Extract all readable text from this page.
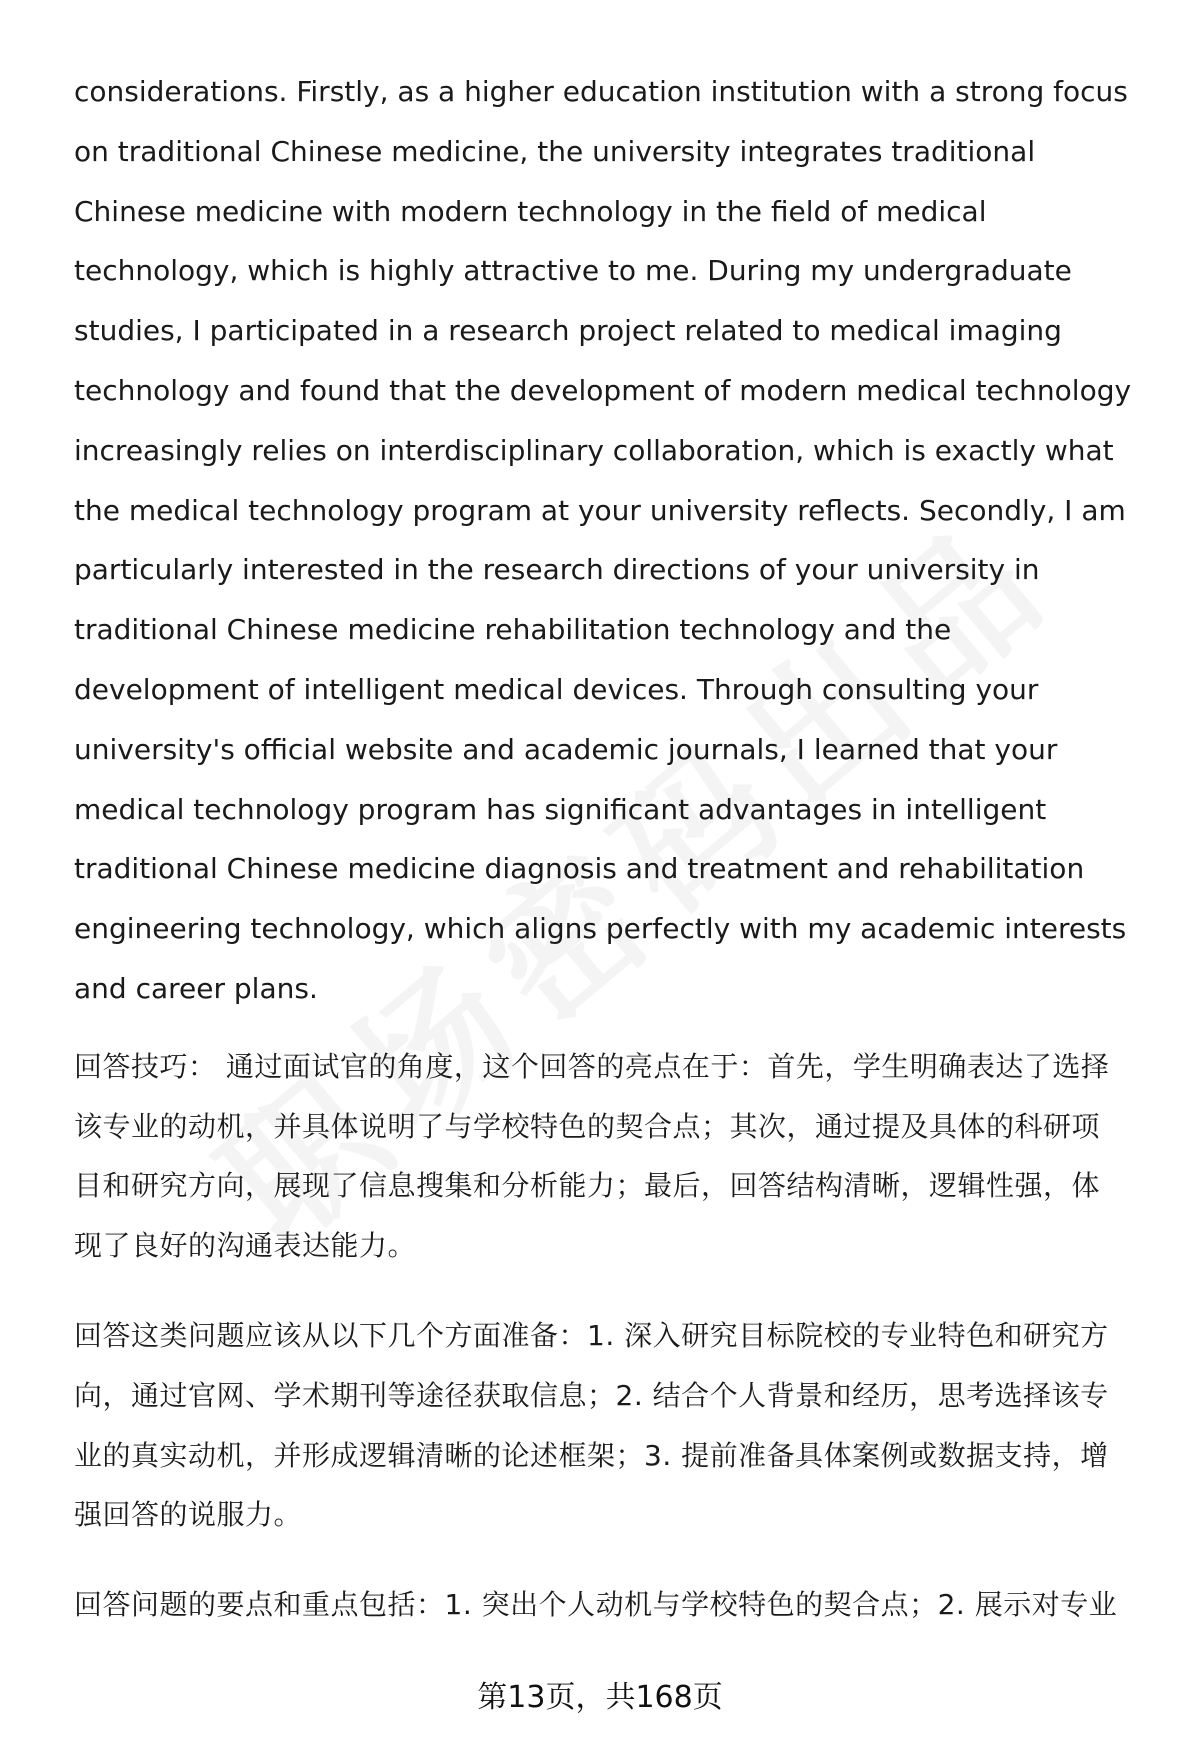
considerations. Firstly, as a higher education institution with a strong focus
on traditional Chinese medicine, the university integrates traditional
Chinese medicine with modern technology in the field of medical
technology, which is highly attractive to me. During my undergraduate
studies, I participated in a research project related to medical imaging
technology and found that the development of modern medical technology
increasingly relies on interdisciplinary collaboration, which is exactly what
the medical technology program at your university reflects. Secondly, I am
particularly interested in the research directions of your university in
traditional Chinese medicine rehabilitation technology and the
development of intelligent medical devices. Through consulting your
university's official website and academic journals, I learned that your
medical technology program has significant advantages in intelligent
traditional Chinese medicine diagnosis and treatment and rehabilitation
engineering technology, which aligns perfectly with my academic interests
and career plans.

回答技巧： 通过面试官的角度，这个回答的亮点在于：首先，学生明确表达了选择
该专业的动机，并具体说明了与学校特色的契合点；其次，通过提及具体的科研项
目和研究方向，展现了信息搜集和分析能力；最后，回答结构清晰，逻辑性强，体
现了良好的沟通表达能力。

回答这类问题应该从以下几个方面准备：1. 深入研究目标院校的专业特色和研究方
向，通过官网、学术期刊等途径获取信息；2. 结合个人背景和经历，思考选择该专
业的真实动机，并形成逻辑清晰的论述框架；3. 提前准备具体案例或数据支持，增
强回答的说服力。

回答问题的要点和重点包括：1. 突出个人动机与学校特色的契合点；2. 展示对专业

第13页，共168页
